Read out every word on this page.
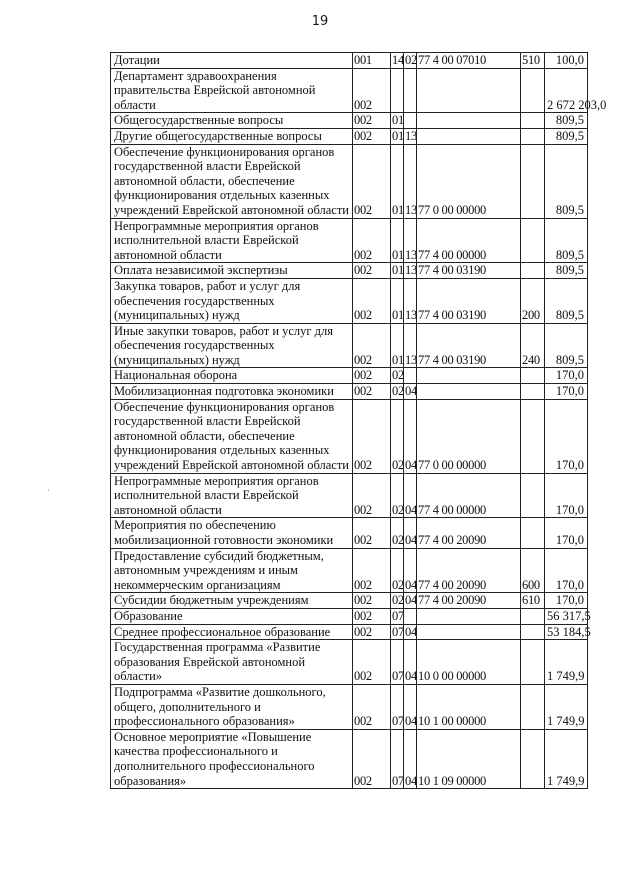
19
·
Дотации	001	14	02	77 4 00 07010	510	100,0
Департамент здравоохранения правительства Еврейской автономной области	002					2 672 203,0
Общегосударственные вопросы	002	01				809,5
Другие общегосударственные вопросы	002	01	13			809,5
Обеспечение функционирования органов государственной власти Еврейской автономной области, обеспечение функционирования отдельных казенных учреждений Еврейской автономной области	002	01	13	77 0 00 00000		809,5
Непрограммные мероприятия органов исполнительной власти Еврейской автономной области	002	01	13	77 4 00 00000		809,5
Оплата независимой экспертизы	002	01	13	77 4 00 03190		809,5
Закупка товаров, работ и услуг для обеспечения государственных (муниципальных) нужд	002	01	13	77 4 00 03190	200	809,5
Иные закупки товаров, работ и услуг для обеспечения государственных (муниципальных) нужд	002	01	13	77 4 00 03190	240	809,5
Национальная оборона	002	02				170,0
Мобилизационная подготовка экономики	002	02	04			170,0
Обеспечение функционирования органов государственной власти Еврейской автономной области, обеспечение функционирования отдельных казенных учреждений Еврейской автономной области	002	02	04	77 0 00 00000		170,0
Непрограммные мероприятия органов исполнительной власти Еврейской автономной области	002	02	04	77 4 00 00000		170,0
Мероприятия по обеспечению мобилизационной готовности экономики	002	02	04	77 4 00 20090		170,0
Предоставление субсидий бюджетным, автономным учреждениям и иным некоммерческим организациям	002	02	04	77 4 00 20090	600	170,0
Субсидии бюджетным учреждениям	002	02	04	77 4 00 20090	610	170,0
Образование	002	07				56 317,5
Среднее профессиональное образование	002	07	04			53 184,5
Государственная программа «Развитие образования Еврейской автономной области»	002	07	04	10 0 00 00000		1 749,9
Подпрограмма «Развитие дошкольного, общего, дополнительного и профессионального образования»	002	07	04	10 1 00 00000		1 749,9
Основное мероприятие «Повышение качества профессионального и дополнительного профессионального образования»	002	07	04	10 1 09 00000		1 749,9
